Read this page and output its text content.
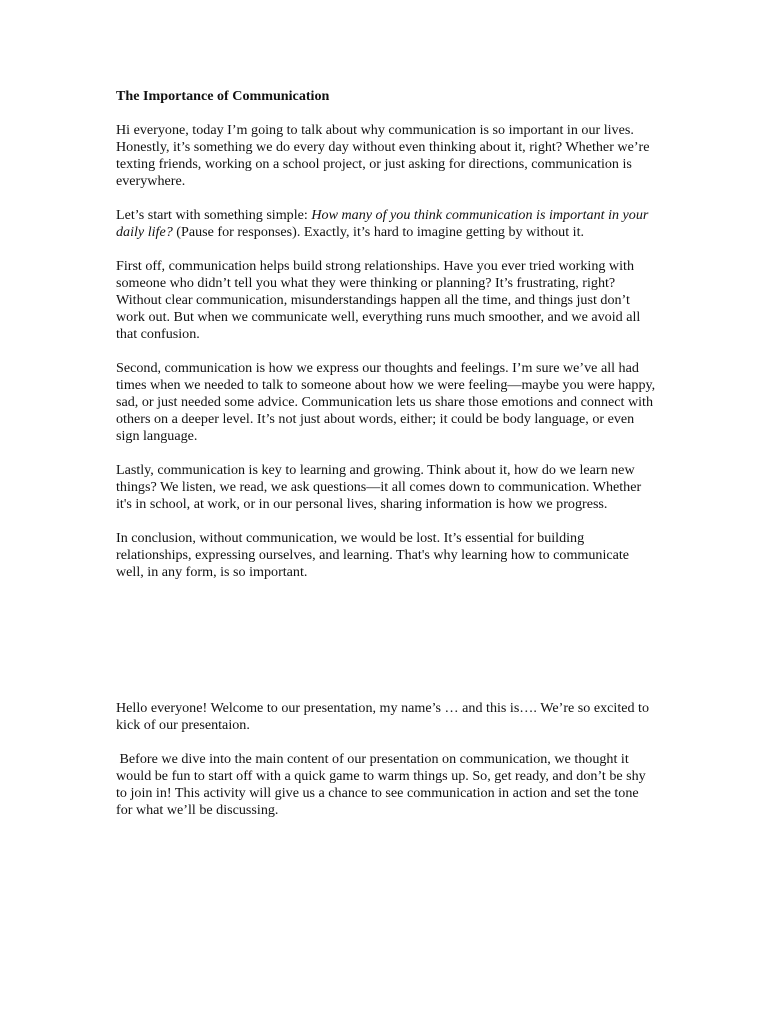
The Importance of Communication

Hi everyone, today I’m going to talk about why communication is so important in our lives. Honestly, it’s something we do every day without even thinking about it, right? Whether we’re texting friends, working on a school project, or just asking for directions, communication is everywhere.

Let’s start with something simple: How many of you think communication is important in your daily life? (Pause for responses). Exactly, it’s hard to imagine getting by without it.

First off, communication helps build strong relationships. Have you ever tried working with someone who didn’t tell you what they were thinking or planning? It’s frustrating, right? Without clear communication, misunderstandings happen all the time, and things just don’t work out. But when we communicate well, everything runs much smoother, and we avoid all that confusion.

Second, communication is how we express our thoughts and feelings. I’m sure we’ve all had times when we needed to talk to someone about how we were feeling—maybe you were happy, sad, or just needed some advice. Communication lets us share those emotions and connect with others on a deeper level. It’s not just about words, either; it could be body language, or even sign language.

Lastly, communication is key to learning and growing. Think about it, how do we learn new things? We listen, we read, we ask questions—it all comes down to communication. Whether it's in school, at work, or in our personal lives, sharing information is how we progress.

In conclusion, without communication, we would be lost. It’s essential for building relationships, expressing ourselves, and learning. That's why learning how to communicate well, in any form, is so important.

Hello everyone! Welcome to our presentation, my name’s … and this is…. We’re so excited to kick of our presentaion.

Before we dive into the main content of our presentation on communication, we thought it would be fun to start off with a quick game to warm things up. So, get ready, and don’t be shy to join in! This activity will give us a chance to see communication in action and set the tone for what we’ll be discussing.
